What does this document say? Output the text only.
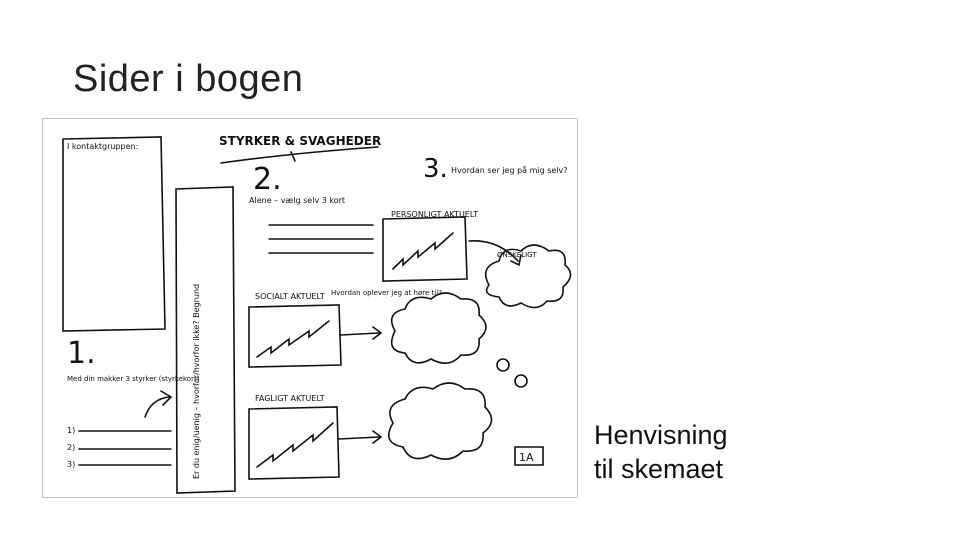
Sider i bogen
STYRKER & SVAGHEDER
I kontaktgruppen:
2.
Alene – vælg selv 3 kort
3. Hvordan ser jeg på mig selv?
PERSONLIGT AKTUELT
ØNSKELIGT
SOCIALT AKTUELT Hvordan oplever jeg at høre til?
FAGLIGT AKTUELT
1.
Med din makker 3 styrker (styrkekort)
1)
2)
3)
1A
Er du enig/uenig – hvorfor/hvorfor ikke? Begrund	Henvisning
til skemaet
